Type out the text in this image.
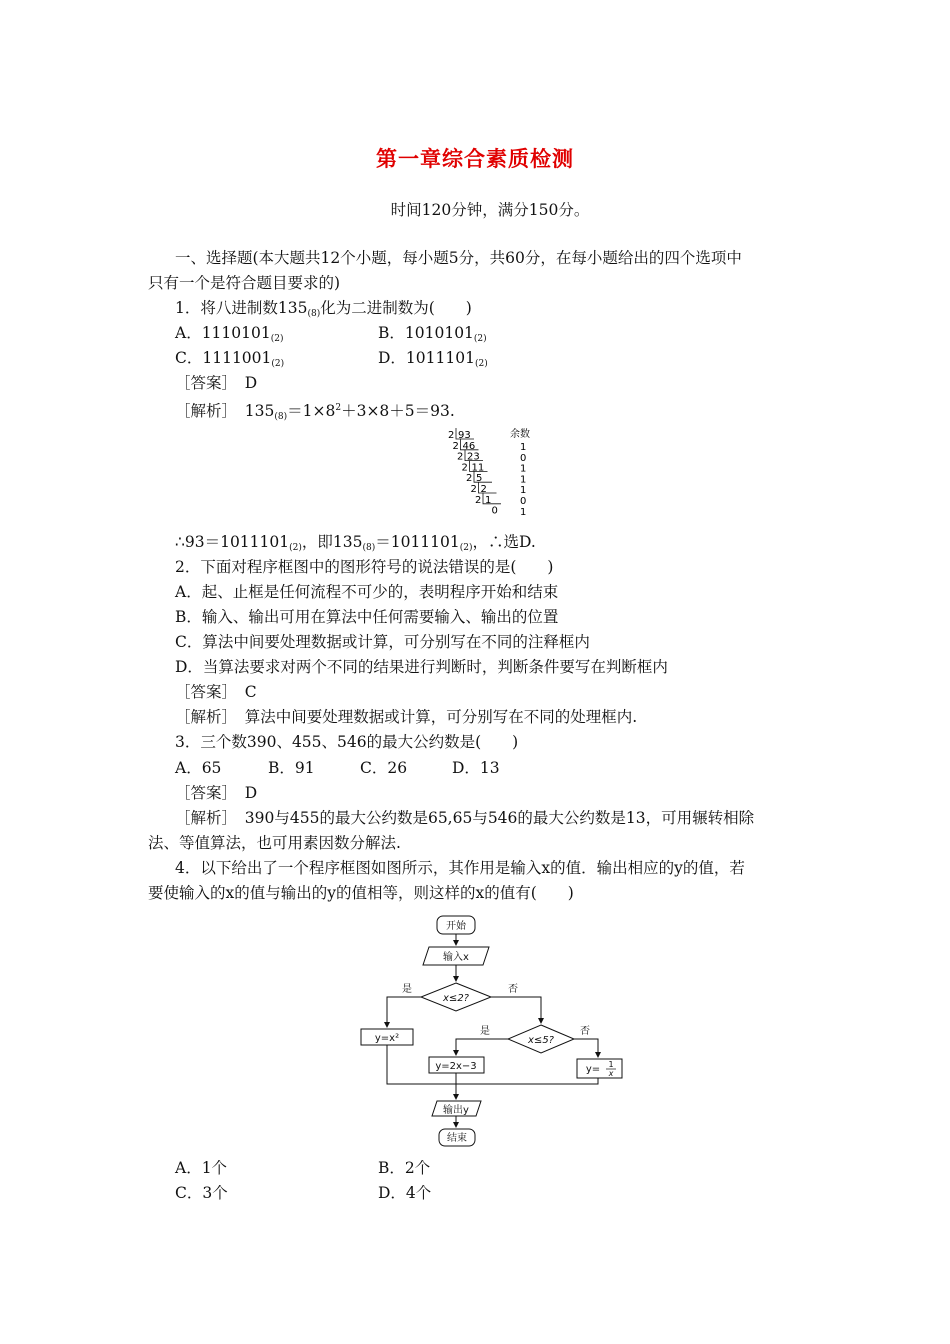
第一章综合素质检测
时间120分钟，满分150分。
一、选择题(本大题共12个小题，每小题5分，共60分，在每小题给出的四个选项中
只有一个是符合题目要求的)
1．将八进制数$135_{(8)}$化为二进制数为(　　)
A．$1110101_{(2)}$	B．$1010101_{(2)}$
C．$1111001_{(2)}$	D．$1011101_{(2)}$
［答案］　 D
［解析］　 $135_{(8)}=1\times 8^2+3\times 8+5=93$.
余数
2 93
1
2 46
0
2 23
1
2 11
1
2 5
1
2 2
0
2 1
1
0
$\therefore 93=1011101_{(2)}$，即$135_{(8)}=1011101_{(2)}$，∴选D.
2．下面对程序框图中的图形符号的说法错误的是(　　)
A．起、止框是任何流程不可少的，表明程序开始和结束
B．输入、输出可用在算法中任何需要输入、输出的位置
C．算法中间要处理数据或计算，可分别写在不同的注释框内
D．当算法要求对两个不同的结果进行判断时，判断条件要写在判断框内
［答案］　 C
［解析］　 算法中间要处理数据或计算，可分别写在不同的处理框内.
3．三个数390、455、546的最大公约数是(　　)
A．65	B．91	C．26	D．13
［答案］　 D
［解析］　 390与455的最大公约数是65,65与546的最大公约数是13，可用辗转相除
法、等值算法，也可用素因数分解法.
4．以下给出了一个程序框图如图所示，其作用是输入x的值．输出相应的y的值，若
要使输入的x的值与输出的y的值相等，则这样的x的值有(　　)
开始
输入x
x≤2?
是	否
y=x²	x≤5?
是	否
y=2x−3	y= 1
x
输出y
结束
A．1个	B．2个
C．3个	D．4个
